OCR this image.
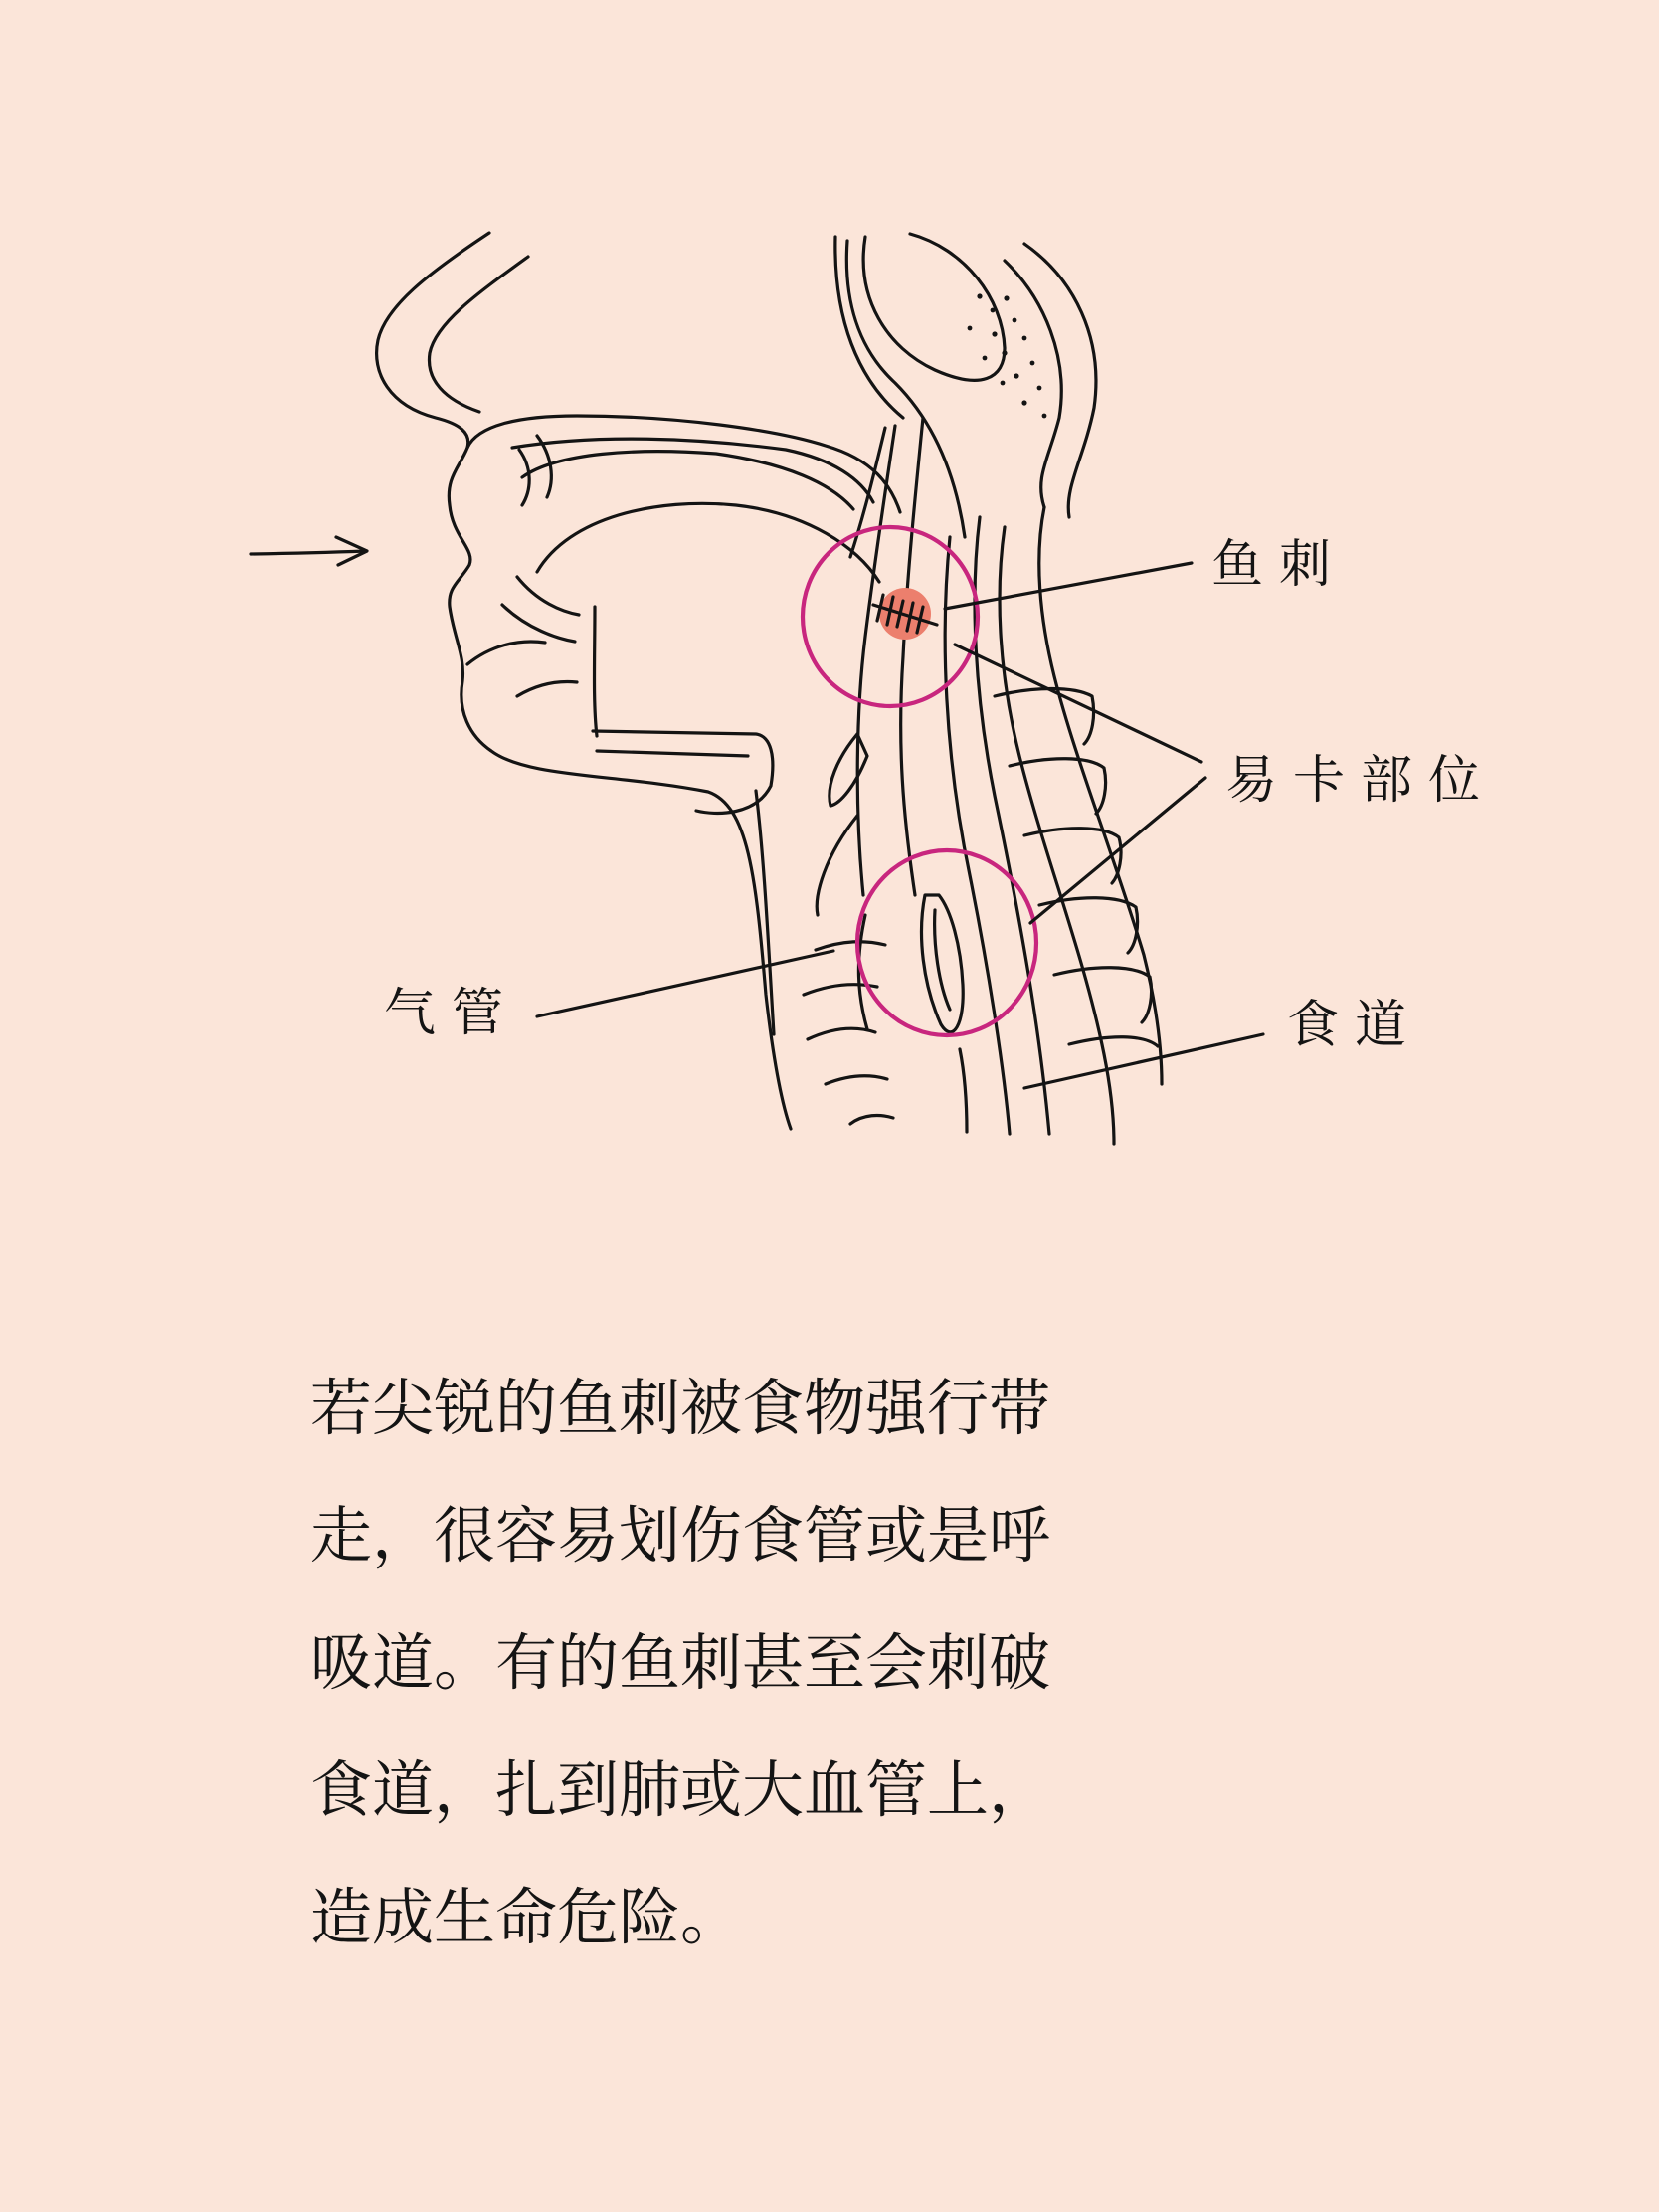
鱼刺
易卡部位
气管	食道

若尖锐的鱼刺被食物强行带
走，很容易划伤食管或是呼
吸道。有的鱼刺甚至会刺破
食道，扎到肺或大血管上，
造成生命危险。
